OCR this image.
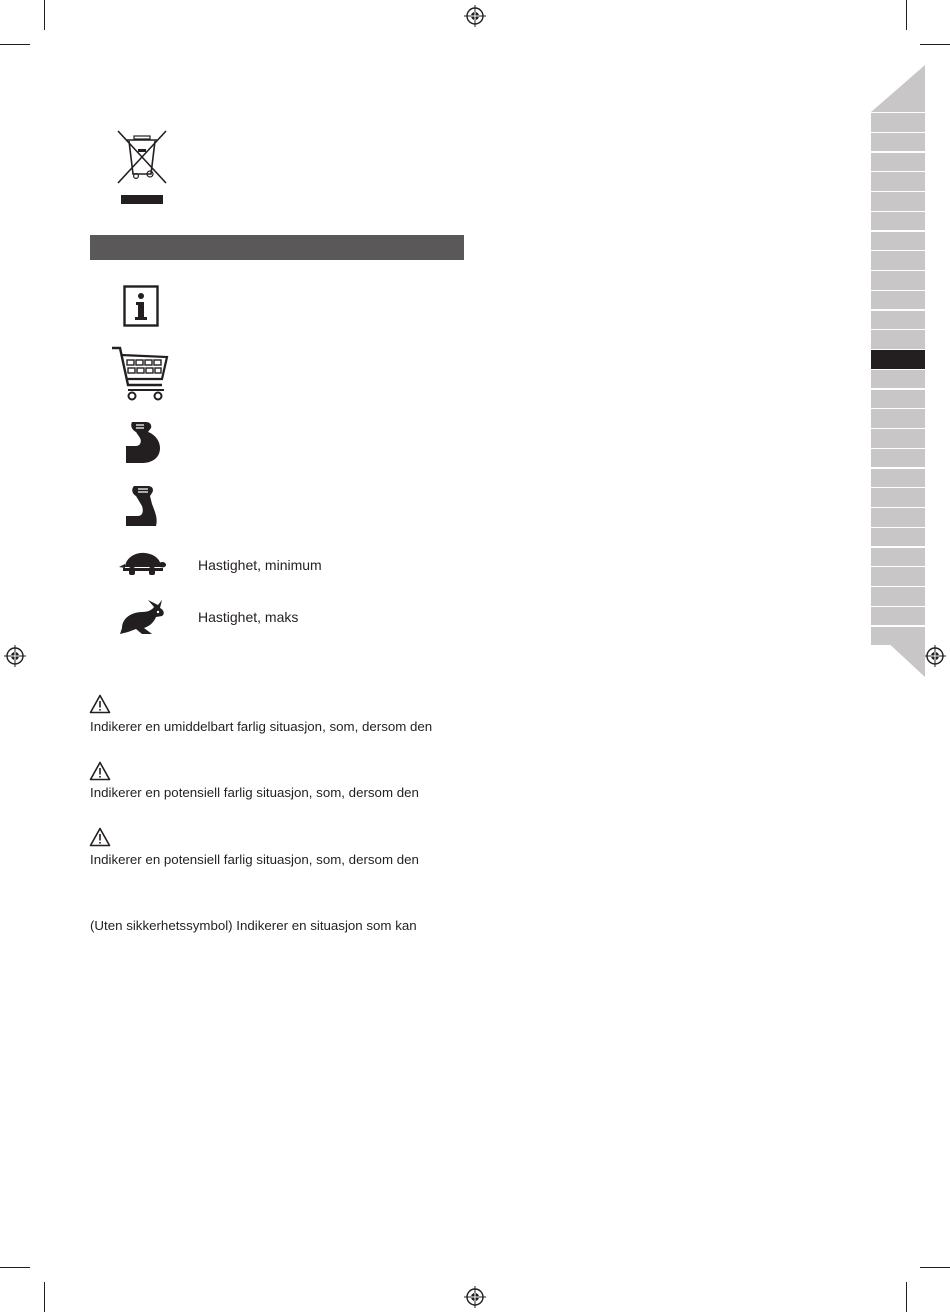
Hastighet, minimum
Hastighet, maks
Indikerer en umiddelbart farlig situasjon, som, dersom den
Indikerer en potensiell farlig situasjon, som, dersom den
Indikerer en potensiell farlig situasjon, som, dersom den
(Uten sikkerhetssymbol) Indikerer en situasjon som kan
